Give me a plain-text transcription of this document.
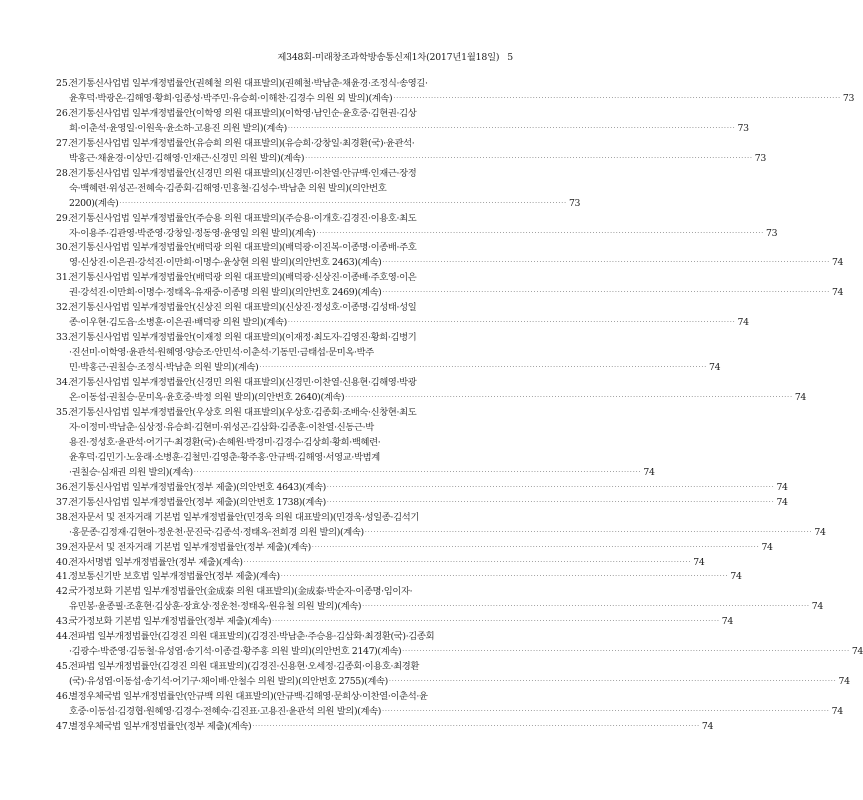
제348회-미래창조과학방송통신제1차(2017년1월18일) 5
25.
전기통신사업법 일부개정법률안(권혜철 의원 대표발의)(권혜철·박남춘·채윤경·조정식·송영길·
윤후덕·박광온·김해영·황희·임종성·박주민·유승희·이해찬·김경수 의원 외 발의)(계속) ·····	73
26.
전기통신사업법 일부개정법률안(이학영 의원 대표발의)(이학영·남인순·윤호중·김현권·김상
희·이춘석·윤영일·이원욱·윤소하·고용진 의원 발의)(계속) ·····	73
27.
전기통신사업법 일부개정법률안(유승희 의원 대표발의)(유승희·강창일·최경환(국)·윤관석·
박홍근·채윤경·이상민·김해영·인재근·신경민 의원 발의)(계속) ·····	73
28.
전기통신사업법 일부개정법률안(신경민 의원 대표발의)(신경민·이찬열·안규백·인재근·장정
숙·백혜련·위성곤·전혜숙·김종회·김해영·민홍철·김성수·박남춘 의원 발의)(의안번호
2200)(계속) ·····	73
29.
전기통신사업법 일부개정법률안(주승용 의원 대표발의)(주승용·이개호·김경진·이용호·최도
자·이용주·김관영·박준영·강창일·정동영·윤영일 의원 발의)(계속) ·····	73
30.
전기통신사업법 일부개정법률안(배덕광 의원 대표발의)(배덕광·이진복·이종명·이종배·주호
영·신상진·이은권·강석진·이만희·이명수·윤상현 의원 발의)(의안번호 2463)(계속) ·····	74
31.
전기통신사업법 일부개정법률안(배덕광 의원 대표발의)(배덕광·신상진·이종배·주호영·이은
권·강석진·이만희·이명수·정태옥·유재중·이종명 의원 발의)(의안번호 2469)(계속) ·····	74
32.
전기통신사업법 일부개정법률안(신상진 의원 대표발의)(신상진·정성호·이종명·김성태·성일
종·이우현·김도읍·소병훈·이은권·배덕광 의원 발의)(계속) ·····	74
33.
전기통신사업법 일부개정법률안(이재정 의원 대표발의)(이재정·최도자·김영진·황희·김병기
·진선미·이학영·윤관석·원혜영·양승조·안민석·이춘석·기동민·금태섭·문미옥·박주
민·박홍근·권칠승·조정식·박남춘 의원 발의)(계속) ·····	74
34.
전기통신사업법 일부개정법률안(신경민 의원 대표발의)(신경민·이찬열·신용현·김해영·박광
온·이동섭·권칠승·문미옥·윤호중·박정 의원 발의)(의안번호 2640)(계속) ·····	74
35.
전기통신사업법 일부개정법률안(우상호 의원 대표발의)(우상호·김종회·조배숙·신창현·최도
자·이정미·박남춘·심상정·유승희·김현미·위성곤·김삼화·김종훈·이찬열·신동근·박
용진·정성호·윤관석·어기구·최경환(국)·손혜원·박경미·김경수·김상희·황희·백혜련·
윤후덕·김민기·노웅래·소병훈·김철민·김영춘·황주홍·안규백·김해영·서영교·박범계
·권칠승·심재권 의원 발의)(계속) ·····	74
36.
전기통신사업법 일부개정법률안(정부 제출)(의안번호 4643)(계속) ·····	74
37.
전기통신사업법 일부개정법률안(정부 제출)(의안번호 1738)(계속) ·····	74
38.
전자문서 및 전자거래 기본법 일부개정법률안(민경욱 의원 대표발의)(민경욱·성일종·김석기
·홍문종·김정재·김현아·정운천·문진국·김종석·정태옥·전희경 의원 발의)(계속) ·····	74
39.
전자문서 및 전자거래 기본법 일부개정법률안(정부 제출)(계속) ·····	74
40.
전자서명법 일부개정법률안(정부 제출)(계속) ·····	74
41.
정보통신기반 보호법 일부개정법률안(정부 제출)(계속) ·····	74
42.
국가정보화 기본법 일부개정법률안(金成泰 의원 대표발의)(金成泰·박순자·이종명·임이자·
유민봉·윤종필·조훈현·김상훈·장효상·정운천·정태옥·원유철 의원 발의)(계속) ·····	74
43.
국가정보화 기본법 일부개정법률안(정부 제출)(계속) ·····	74
44.
전파법 일부개정법률안(김경진 의원 대표발의)(김경진·박남춘·주승용·김삼화·최경환(국)·김종회
·김광수·박준영·김동철·유성엽·송기석·이종걸·황주홍 의원 발의)(의안번호 2147)(계속) ·····	74
45.
전파법 일부개정법률안(김경진 의원 대표발의)(김경진·신용현·오세정·김종회·이용호·최경환
(국)·유성엽·이동섭·송기석·어기구·채이배·안철수 의원 발의)(의안번호 2755)(계속) ·····	74
46.
별정우체국법 일부개정법률안(안규백 의원 대표발의)(안규백·김해영·문희상·이찬열·이춘석·윤
호중·이동섭·김경협·원혜영·김경수·전혜숙·김진표·고용진·윤관석 의원 발의)(계속) ·····	74
47.
별정우체국법 일부개정법률안(정부 제출)(계속) ·····	74
